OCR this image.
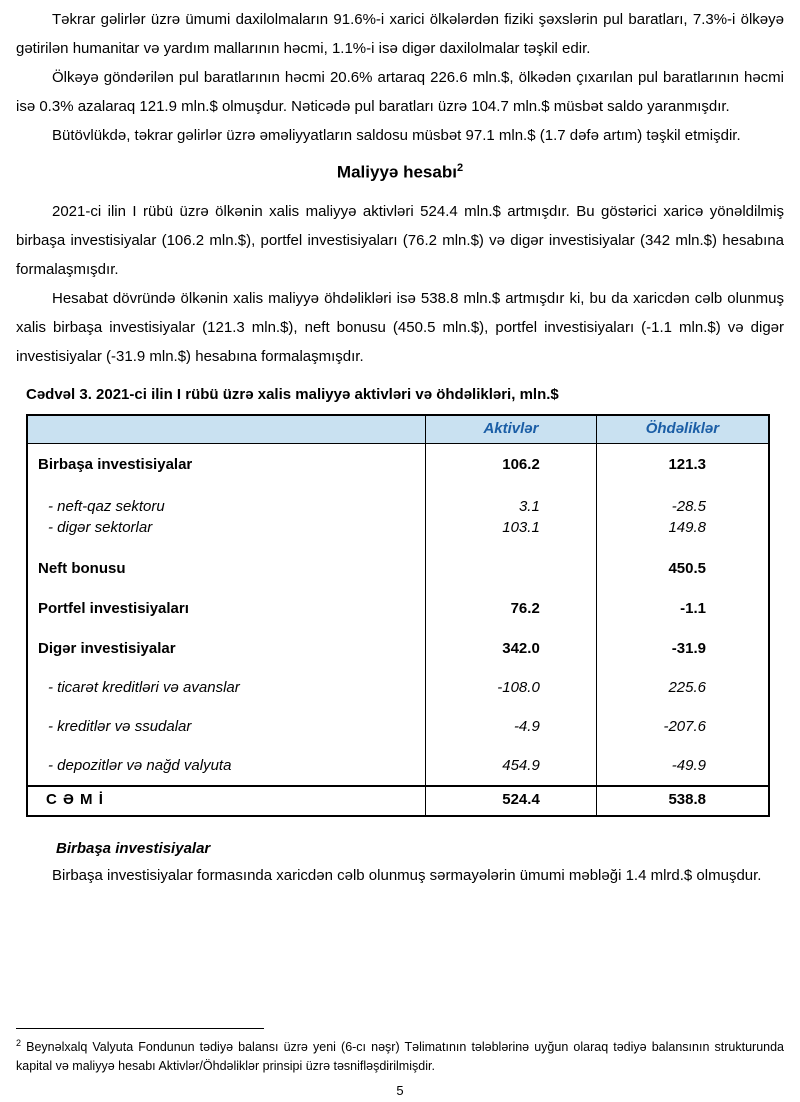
Təkrar gəlirlər üzrə ümumi daxilolmaların 91.6%-i xarici ölkələrdən fiziki şəxslərin pul baratları, 7.3%-i ölkəyə gətirilən humanitar və yardım mallarının həcmi, 1.1%-i isə digər daxilolmalar təşkil edir.

Ölkəyə göndərilən pul baratlarının həcmi 20.6% artaraq 226.6 mln.$, ölkədən çıxarılan pul baratlarının həcmi isə 0.3% azalaraq 121.9 mln.$ olmuşdur. Nəticədə pul baratları üzrə 104.7 mln.$ müsbət saldo yaranmışdır.

Bütövlükdə, təkrar gəlirlər üzrə əməliyyatların saldosu müsbət 97.1 mln.$ (1.7 dəfə artım) təşkil etmişdir.

Maliyyə hesabı$^2$

2021-ci ilin I rübü üzrə ölkənin xalis maliyyə aktivləri 524.4 mln.$ artmışdır. Bu göstərici xaricə yönəldilmiş birbaşa investisiyalar (106.2 mln.$), portfel investisiyaları (76.2 mln.$) və digər investisiyalar (342 mln.$) hesabına formalaşmışdır.

Hesabat dövründə ölkənin xalis maliyyə öhdəlikləri isə 538.8 mln.$ artmışdır ki, bu da xaricdən cəlb olunmuş xalis birbaşa investisiyalar (121.3 mln.$), neft bonusu (450.5 mln.$), portfel investisiyaları (-1.1 mln.$) və digər investisiyalar (-31.9 mln.$) hesabına formalaşmışdır.

Cədvəl 3. 2021-ci ilin I rübü üzrə xalis maliyyə aktivləri və öhdəlikləri, mln.$

	Aktivlər	Öhdəliklər
Birbaşa investisiyalar	106.2	121.3
- neft-qaz sektoru	3.1	-28.5
- digər sektorlar	103.1	149.8
Neft bonusu		450.5
Portfel investisiyaları	76.2	-1.1
Digər investisiyalar	342.0	-31.9
- ticarət kreditləri və avanslar	-108.0	225.6
- kreditlər və ssudalar	-4.9	-207.6
- depozitlər və nağd valyuta	454.9	-49.9
C Ə M İ	524.4	538.8

Birbaşa investisiyalar

Birbaşa investisiyalar formasında xaricdən cəlb olunmuş sərmayələrin ümumi məbləği 1.4 mlrd.$ olmuşdur.

$^2$ Beynəlxalq Valyuta Fondunun tədiyə balansı üzrə yeni (6-cı nəşr) Təlimatının tələblərinə uyğun olaraq tədiyə balansının strukturunda kapital və maliyyə hesabı Aktivlər/Öhdəliklər prinsipi üzrə təsnifləşdirilmişdir.

5
